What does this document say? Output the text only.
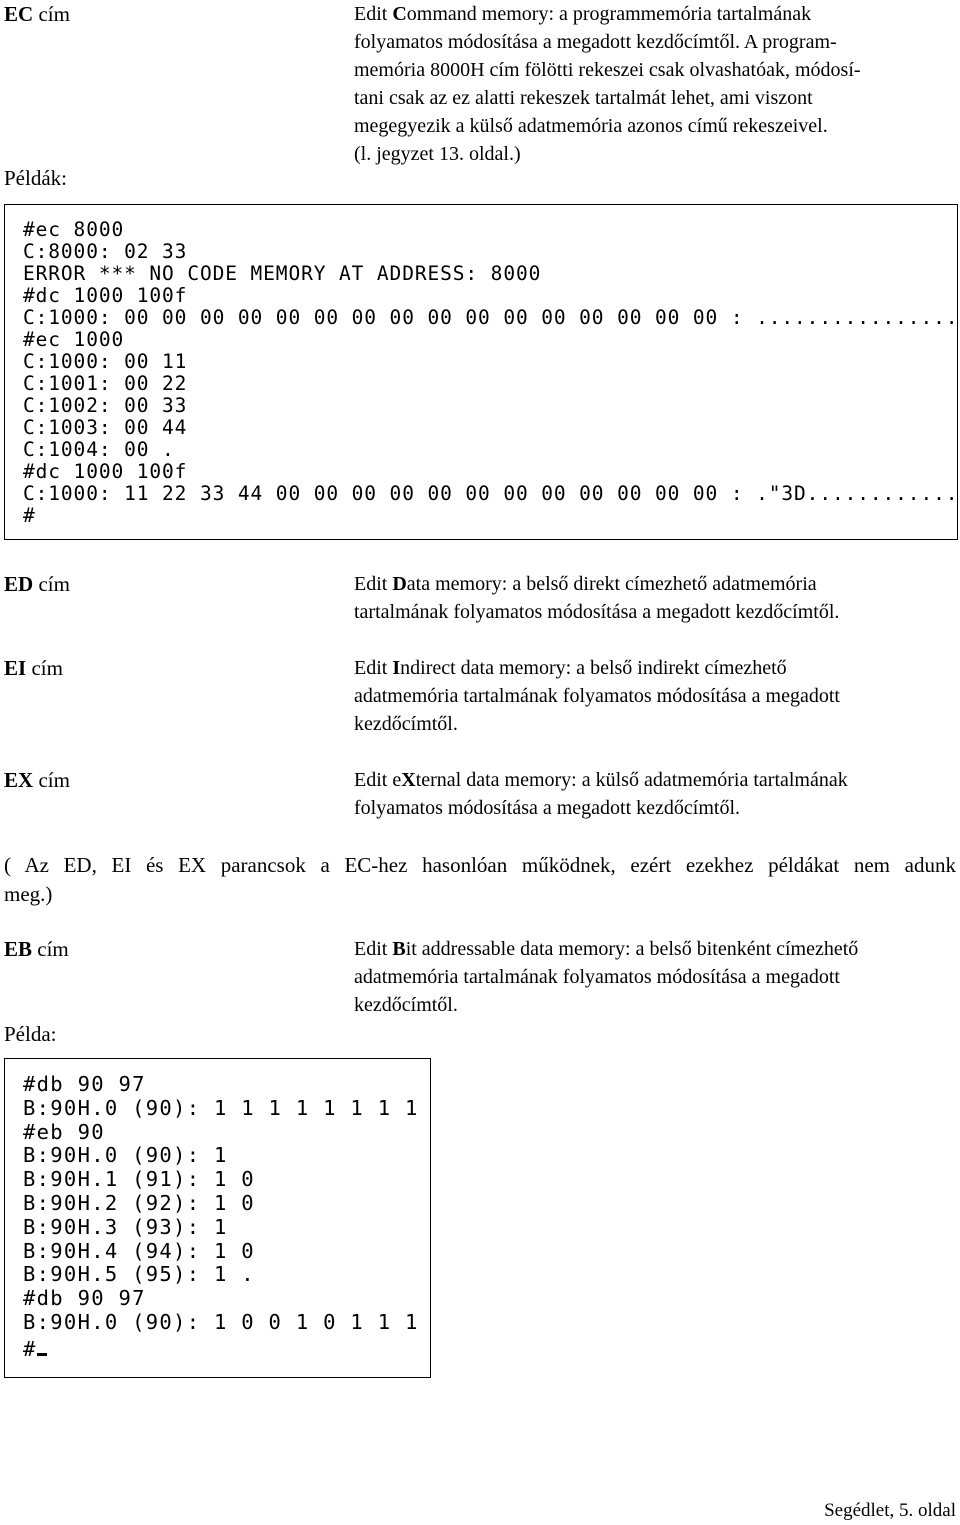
EC cím	Edit Command memory: a programmemória tartalmának
folyamatos módosítása a megadott kezdőcímtől. A program-
memória 8000H cím fölötti rekeszei csak olvashatóak, módosí-
tani csak az ez alatti rekeszek tartalmát lehet, ami viszont
megegyezik a külső adatmemória azonos című rekeszeivel.
(l. jegyzet 13. oldal.)
Példák:
#ec 8000
C:8000: 02 33
ERROR *** NO CODE MEMORY AT ADDRESS: 8000
#dc 1000 100f
C:1000: 00 00 00 00 00 00 00 00 00 00 00 00 00 00 00 00 : ................
#ec 1000
C:1000: 00 11
C:1001: 00 22
C:1002: 00 33
C:1003: 00 44
C:1004: 00 .
#dc 1000 100f
C:1000: 11 22 33 44 00 00 00 00 00 00 00 00 00 00 00 00 : ."3D............
#
ED cím	Edit Data memory: a belső direkt címezhető adatmemória
tartalmának folyamatos módosítása a megadott kezdőcímtől.
EI cím	Edit Indirect data memory: a belső indirekt címezhető
adatmemória tartalmának folyamatos módosítása a megadott
kezdőcímtől.
EX cím	Edit eXternal data memory: a külső adatmemória tartalmának
folyamatos módosítása a megadott kezdőcímtől.
( Az ED, EI és EX parancsok a EC-hez hasonlóan működnek, ezért ezekhez példákat nem adunk
meg.)
EB cím	Edit Bit addressable data memory: a belső bitenként címezhető
adatmemória tartalmának folyamatos módosítása a megadott
kezdőcímtől.
Példa:
#db 90 97
B:90H.0 (90): 1 1 1 1 1 1 1 1
#eb 90
B:90H.0 (90): 1
B:90H.1 (91): 1 0
B:90H.2 (92): 1 0
B:90H.3 (93): 1
B:90H.4 (94): 1 0
B:90H.5 (95): 1 .
#db 90 97
B:90H.0 (90): 1 0 0 1 0 1 1 1
#
Segédlet, 5. oldal
